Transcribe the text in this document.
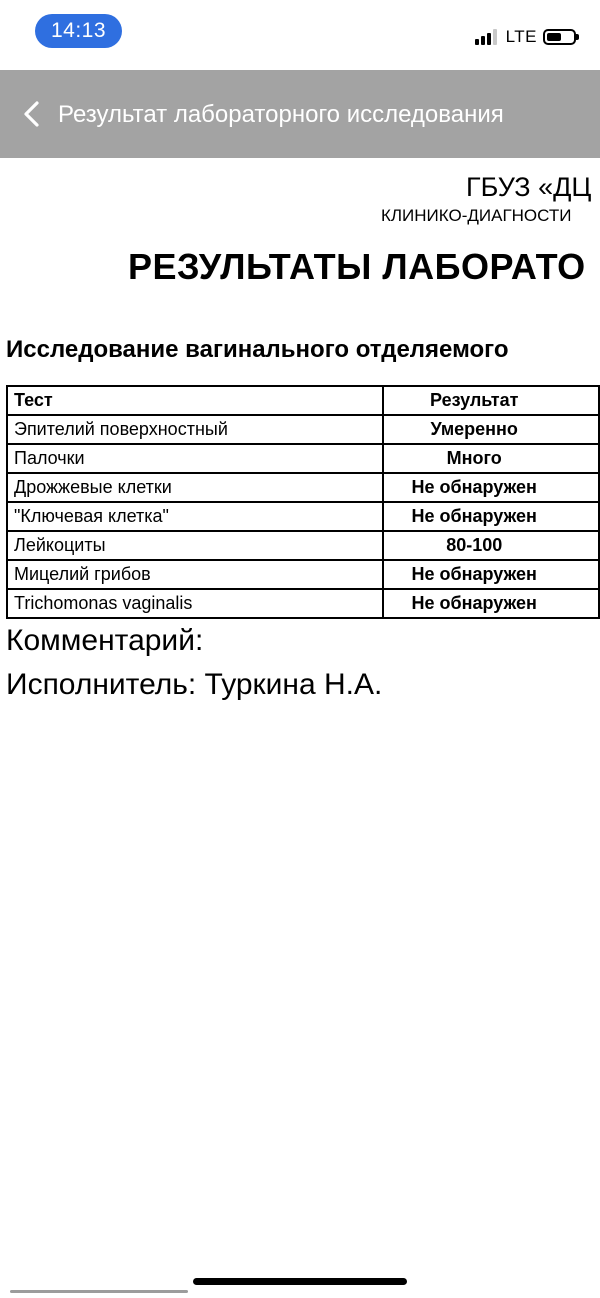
14:13	LTE
Результат лабораторного исследования
ГБУЗ «ДЦ
КЛИНИКО-ДИАГНОСТИ
РЕЗУЛЬТАТЫ ЛАБОРАТО
Исследование вагинального отделяемого
Тест	Результат
Эпителий поверхностный	Умеренно
Палочки	Много
Дрожжевые клетки	Не обнаружен
"Ключевая клетка"	Не обнаружен
Лейкоциты	80-100
Мицелий грибов	Не обнаружен
Trichomonas vaginalis	Не обнаружен
Комментарий:
Исполнитель: Туркина Н.А.
